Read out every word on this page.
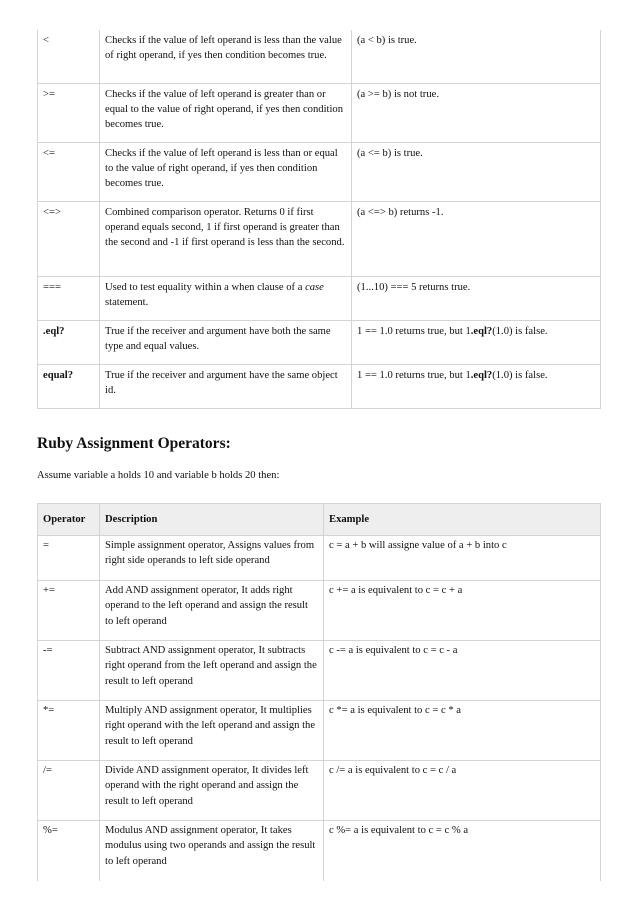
<	Checks if the value of left operand is less than the value of right operand, if yes then condition becomes true.	(a < b) is true.
>=	Checks if the value of left operand is greater than or equal to the value of right operand, if yes then condition becomes true.	(a >= b) is not true.
<=	Checks if the value of left operand is less than or equal to the value of right operand, if yes then condition becomes true.	(a <= b) is true.
<=>	Combined comparison operator. Returns 0 if first operand equals second, 1 if first operand is greater than the second and -1 if first operand is less than the second.	(a <=> b) returns -1.
===	Used to test equality within a when clause of a case statement.	(1...10) === 5 returns true.
.eql?	True if the receiver and argument have both the same type and equal values.	1 == 1.0 returns true, but 1.eql?(1.0) is false.
equal?	True if the receiver and argument have the same object id.	1 == 1.0 returns true, but 1.eql?(1.0) is false.
Ruby Assignment Operators:

Assume variable a holds 10 and variable b holds 20 then:

Operator	Description	Example
=	Simple assignment operator, Assigns values from right side operands to left side operand	c = a + b will assigne value of a + b into c
+=	Add AND assignment operator, It adds right operand to the left operand and assign the result to left operand	c += a is equivalent to c = c + a
-=	Subtract AND assignment operator, It subtracts right operand from the left operand and assign the result to left operand	c -= a is equivalent to c = c - a
*=	Multiply AND assignment operator, It multiplies right operand with the left operand and assign the result to left operand	c *= a is equivalent to c = c * a
/=	Divide AND assignment operator, It divides left operand with the right operand and assign the result to left operand	c /= a is equivalent to c = c / a
%=	Modulus AND assignment operator, It takes modulus using two operands and assign the result to left operand	c %= a is equivalent to c = c % a
